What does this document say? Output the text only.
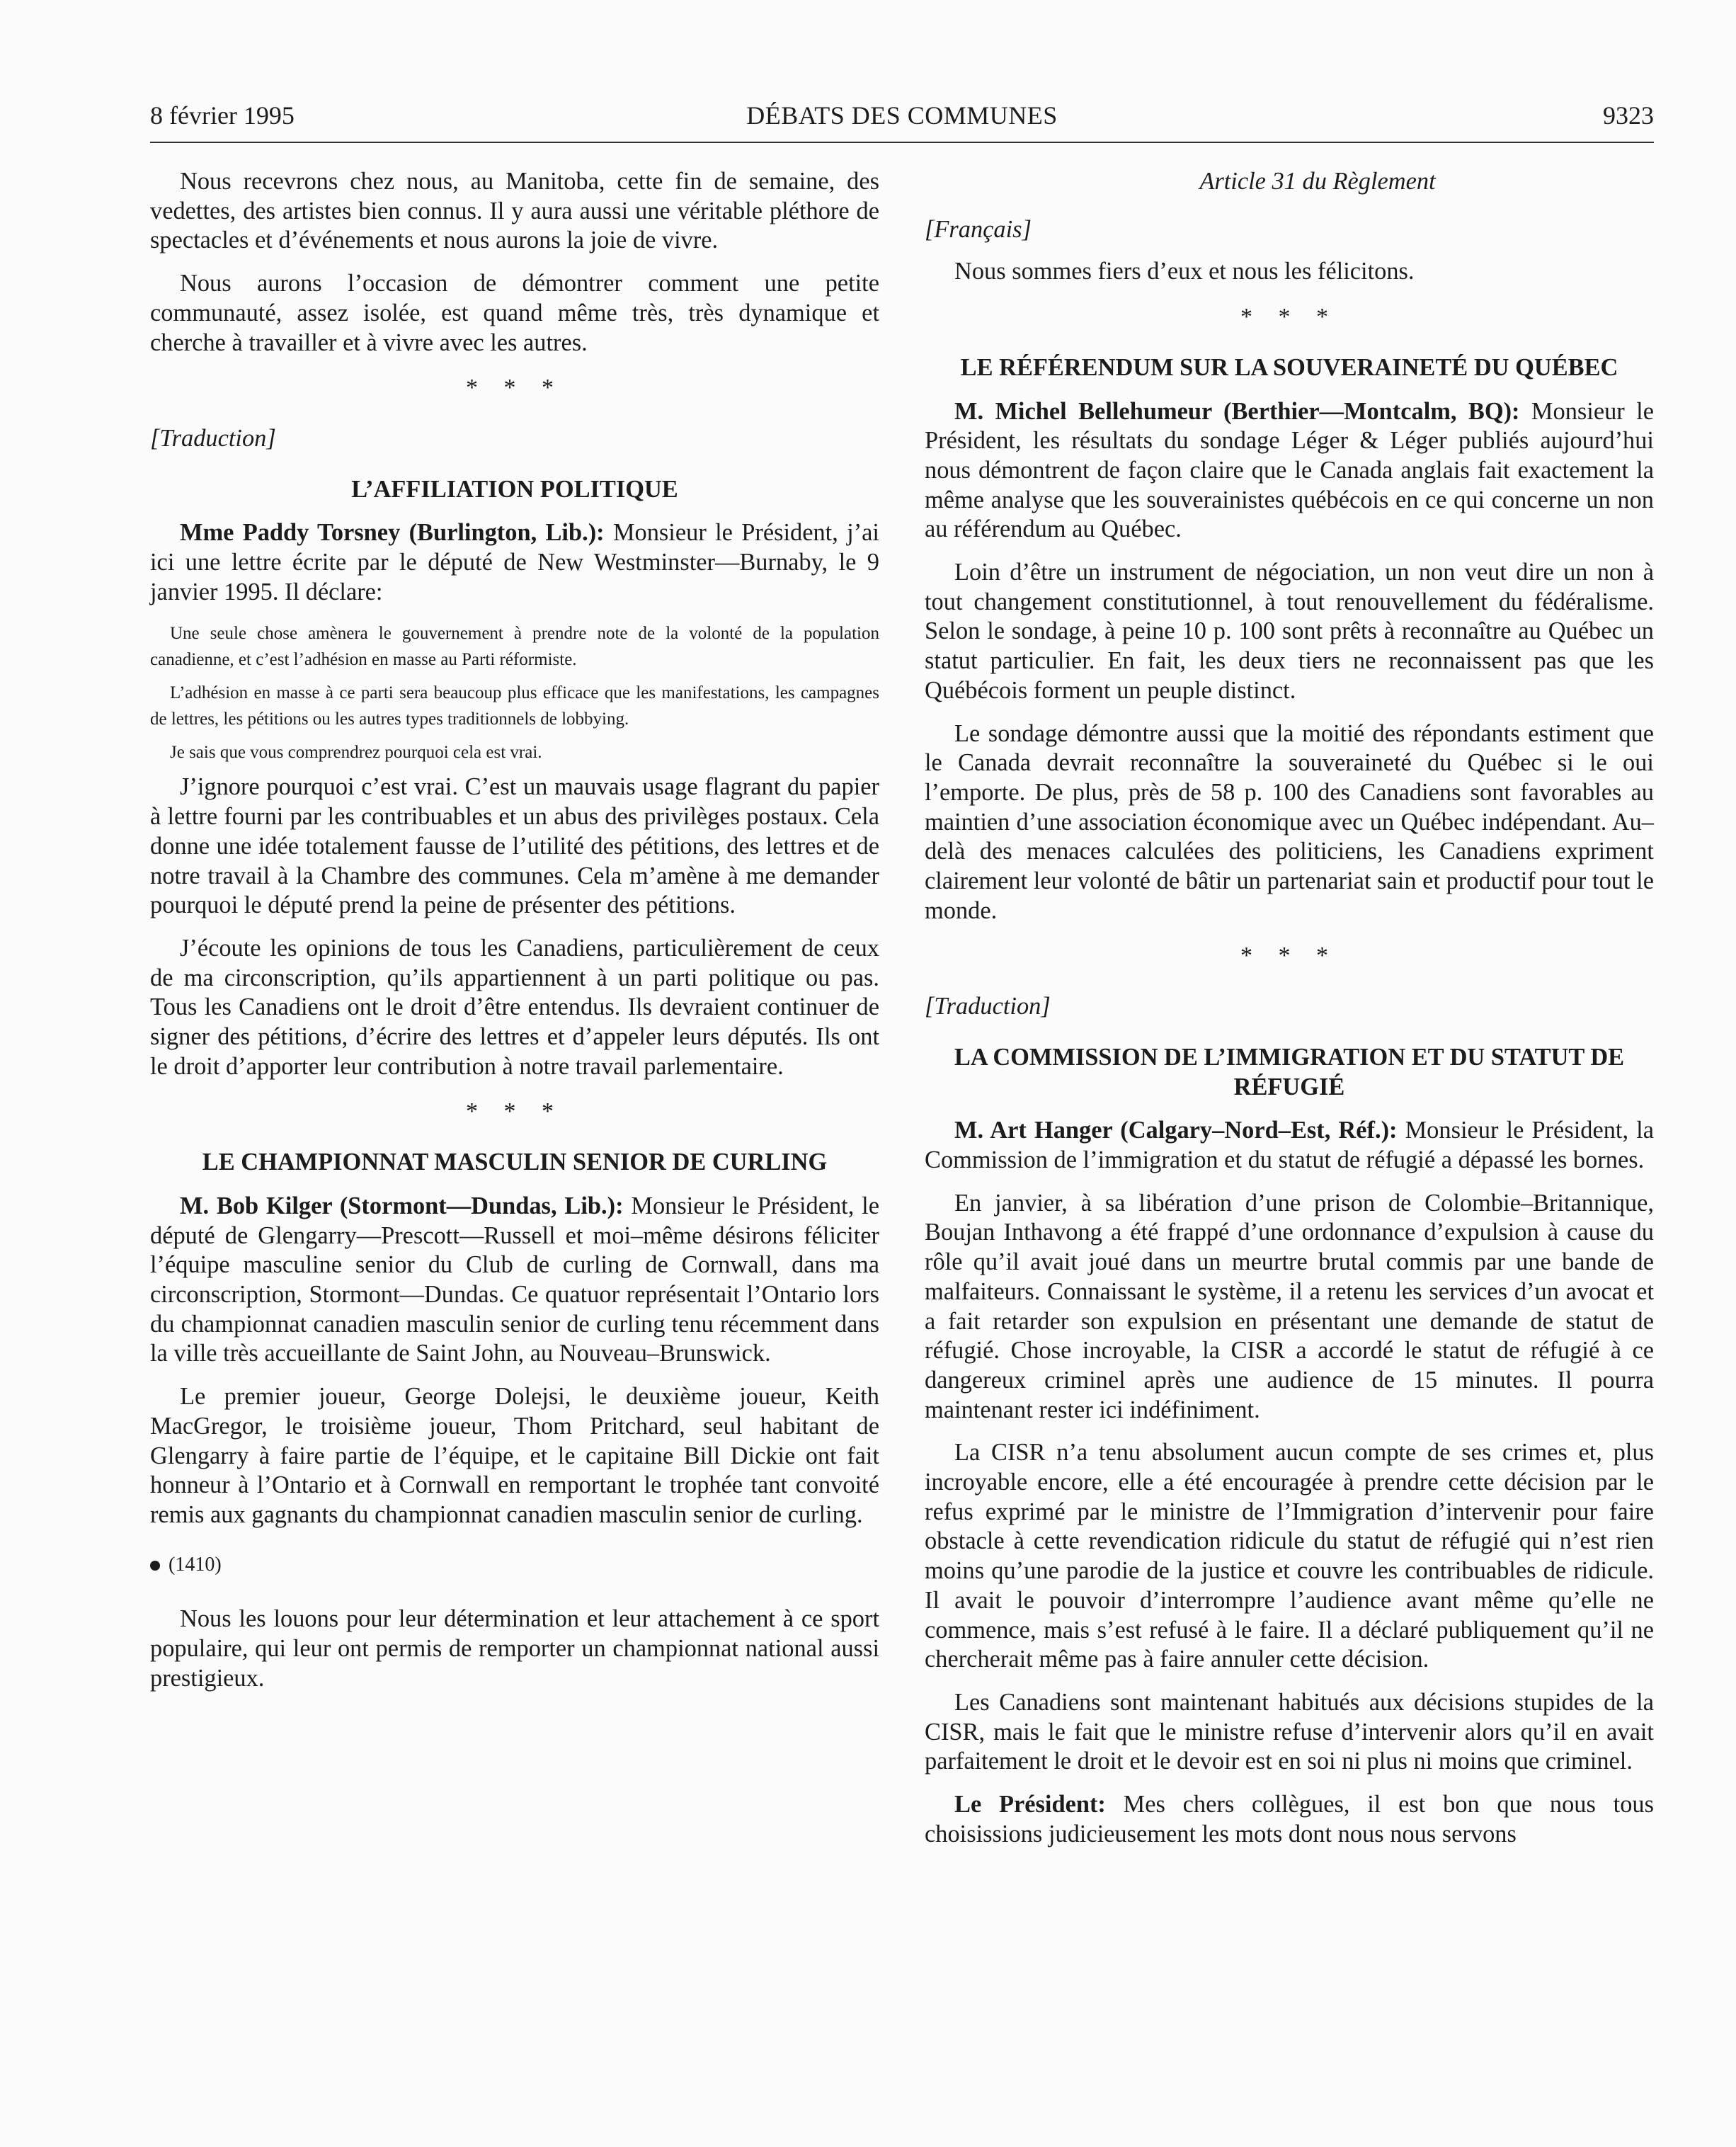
8 février 1995	DÉBATS DES COMMUNES	9323

Nous recevrons chez nous, au Manitoba, cette fin de semaine, des vedettes, des artistes bien connus. Il y aura aussi une véritable pléthore de spectacles et d’événements et nous aurons la joie de vivre.

Nous aurons l’occasion de démontrer comment une petite communauté, assez isolée, est quand même très, très dynamique et cherche à travailler et à vivre avec les autres.

* * *

[Traduction]

L’AFFILIATION POLITIQUE

Mme Paddy Torsney (Burlington, Lib.): Monsieur le Président, j’ai ici une lettre écrite par le député de New Westminster—Burnaby, le 9 janvier 1995. Il déclare:

Une seule chose amènera le gouvernement à prendre note de la volonté de la population canadienne, et c’est l’adhésion en masse au Parti réformiste.

L’adhésion en masse à ce parti sera beaucoup plus efficace que les manifestations, les campagnes de lettres, les pétitions ou les autres types traditionnels de lobbying.

Je sais que vous comprendrez pourquoi cela est vrai.

J’ignore pourquoi c’est vrai. C’est un mauvais usage flagrant du papier à lettre fourni par les contribuables et un abus des privilèges postaux. Cela donne une idée totalement fausse de l’utilité des pétitions, des lettres et de notre travail à la Chambre des communes. Cela m’amène à me demander pourquoi le député prend la peine de présenter des pétitions.

J’écoute les opinions de tous les Canadiens, particulièrement de ceux de ma circonscription, qu’ils appartiennent à un parti politique ou pas. Tous les Canadiens ont le droit d’être entendus. Ils devraient continuer de signer des pétitions, d’écrire des lettres et d’appeler leurs députés. Ils ont le droit d’apporter leur contribution à notre travail parlementaire.

* * *
LE CHAMPIONNAT MASCULIN SENIOR DE CURLING

M. Bob Kilger (Stormont—Dundas, Lib.): Monsieur le Président, le député de Glengarry—Prescott—Russell et moi–même désirons féliciter l’équipe masculine senior du Club de curling de Cornwall, dans ma circonscription, Stormont—Dundas. Ce quatuor représentait l’Ontario lors du championnat canadien masculin senior de curling tenu récemment dans la ville très accueillante de Saint John, au Nouveau–Brunswick.

Le premier joueur, George Dolejsi, le deuxième joueur, Keith MacGregor, le troisième joueur, Thom Pritchard, seul habitant de Glengarry à faire partie de l’équipe, et le capitaine Bill Dickie ont fait honneur à l’Ontario et à Cornwall en remportant le trophée tant convoité remis aux gagnants du championnat canadien masculin senior de curling.

(1410)

Nous les louons pour leur détermination et leur attachement à ce sport populaire, qui leur ont permis de remporter un championnat national aussi prestigieux.

Article 31 du Règlement

[Français]

Nous sommes fiers d’eux et nous les félicitons.

* * *
LE RÉFÉRENDUM SUR LA SOUVERAINETÉ DU QUÉBEC

M. Michel Bellehumeur (Berthier—Montcalm, BQ): Monsieur le Président, les résultats du sondage Léger & Léger publiés aujourd’hui nous démontrent de façon claire que le Canada anglais fait exactement la même analyse que les souverainistes québécois en ce qui concerne un non au référendum au Québec.

Loin d’être un instrument de négociation, un non veut dire un non à tout changement constitutionnel, à tout renouvellement du fédéralisme. Selon le sondage, à peine 10 p. 100 sont prêts à reconnaître au Québec un statut particulier. En fait, les deux tiers ne reconnaissent pas que les Québécois forment un peuple distinct.

Le sondage démontre aussi que la moitié des répondants estiment que le Canada devrait reconnaître la souveraineté du Québec si le oui l’emporte. De plus, près de 58 p. 100 des Canadiens sont favorables au maintien d’une association économique avec un Québec indépendant. Au–delà des menaces calculées des politiciens, les Canadiens expriment clairement leur volonté de bâtir un partenariat sain et productif pour tout le monde.

* * *

[Traduction]

LA COMMISSION DE L’IMMIGRATION ET DU STATUT DE RÉFUGIÉ

M. Art Hanger (Calgary–Nord–Est, Réf.): Monsieur le Président, la Commission de l’immigration et du statut de réfugié a dépassé les bornes.

En janvier, à sa libération d’une prison de Colombie–Britannique, Boujan Inthavong a été frappé d’une ordonnance d’expulsion à cause du rôle qu’il avait joué dans un meurtre brutal commis par une bande de malfaiteurs. Connaissant le système, il a retenu les services d’un avocat et a fait retarder son expulsion en présentant une demande de statut de réfugié. Chose incroyable, la CISR a accordé le statut de réfugié à ce dangereux criminel après une audience de 15 minutes. Il pourra maintenant rester ici indéfiniment.

La CISR n’a tenu absolument aucun compte de ses crimes et, plus incroyable encore, elle a été encouragée à prendre cette décision par le refus exprimé par le ministre de l’Immigration d’intervenir pour faire obstacle à cette revendication ridicule du statut de réfugié qui n’est rien moins qu’une parodie de la justice et couvre les contribuables de ridicule. Il avait le pouvoir d’interrompre l’audience avant même qu’elle ne commence, mais s’est refusé à le faire. Il a déclaré publiquement qu’il ne chercherait même pas à faire annuler cette décision.

Les Canadiens sont maintenant habitués aux décisions stupides de la CISR, mais le fait que le ministre refuse d’intervenir alors qu’il en avait parfaitement le droit et le devoir est en soi ni plus ni moins que criminel.

Le Président: Mes chers collègues, il est bon que nous tous choisissions judicieusement les mots dont nous nous servons
